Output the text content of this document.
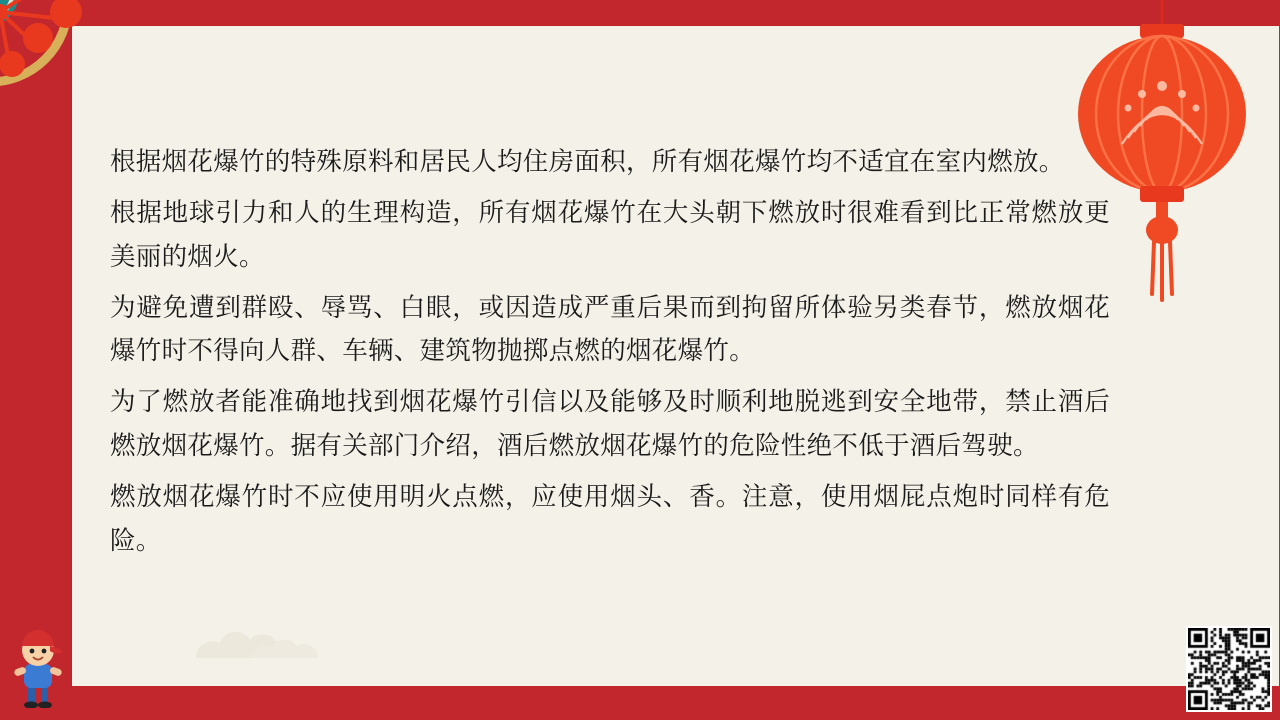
根据烟花爆竹的特殊原料和居民人均住房面积，所有烟花爆竹均不适宜在室内燃放。

根据地球引力和人的生理构造，所有烟花爆竹在大头朝下燃放时很难看到比正常燃放更美丽的烟火。

为避免遭到群殴、辱骂、白眼，或因造成严重后果而到拘留所体验另类春节，燃放烟花爆竹时不得向人群、车辆、建筑物抛掷点燃的烟花爆竹。

为了燃放者能准确地找到烟花爆竹引信以及能够及时顺利地脱逃到安全地带，禁止酒后燃放烟花爆竹。据有关部门介绍，酒后燃放烟花爆竹的危险性绝不低于酒后驾驶。

燃放烟花爆竹时不应使用明火点燃，应使用烟头、香。注意，使用烟屁点炮时同样有危险。
